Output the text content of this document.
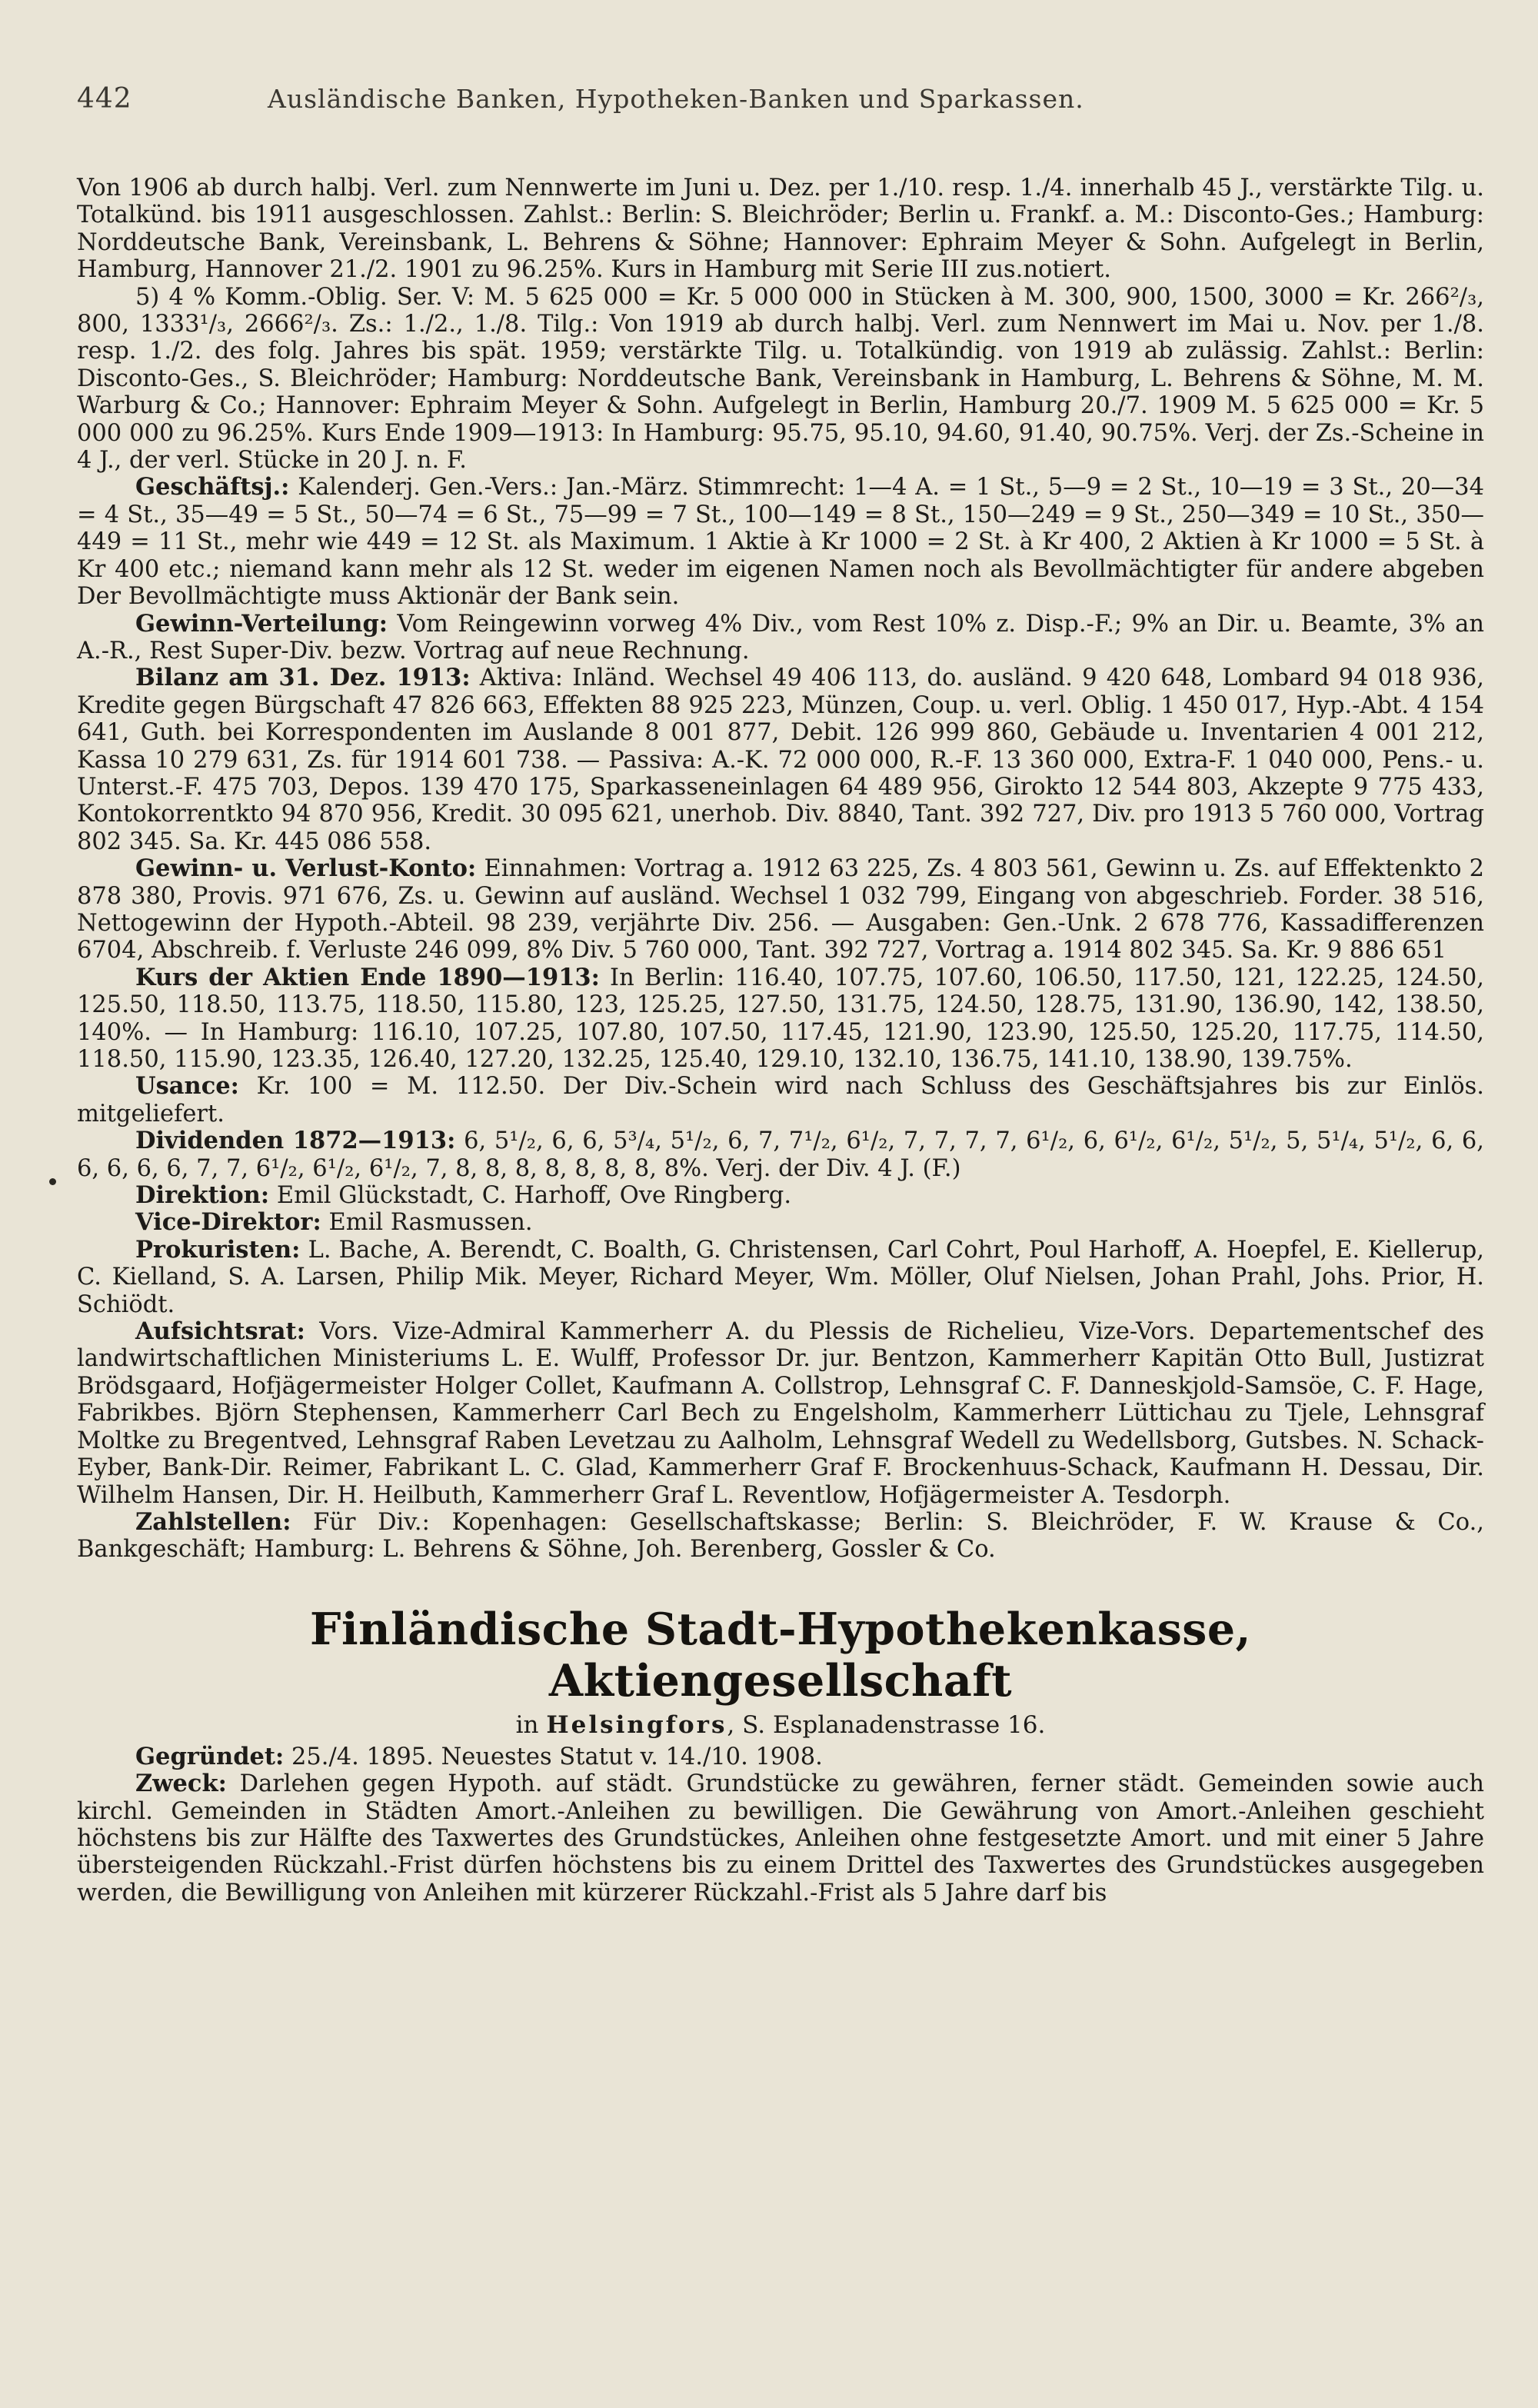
442	Ausländische Banken, Hypotheken-Banken und Sparkassen.

Von 1906 ab durch halbj. Verl. zum Nennwerte im Juni u. Dez. per 1./10. resp. 1./4. innerhalb 45 J., verstärkte Tilg. u. Totalkünd. bis 1911 ausgeschlossen. Zahlst.: Berlin: S. Bleichröder; Berlin u. Frankf. a. M.: Disconto-Ges.; Hamburg: Norddeutsche Bank, Vereinsbank, L. Behrens & Söhne; Hannover: Ephraim Meyer & Sohn. Aufgelegt in Berlin, Hamburg, Hannover 21./2. 1901 zu 96.25%. Kurs in Hamburg mit Serie III zus.notiert.

5) 4 % Komm.-Oblig. Ser. V: M. 5 625 000 = Kr. 5 000 000 in Stücken à M. 300, 900, 1500, 3000 = Kr. 266²/₃, 800, 1333¹/₃, 2666²/₃. Zs.: 1./2., 1./8. Tilg.: Von 1919 ab durch halbj. Verl. zum Nennwert im Mai u. Nov. per 1./8. resp. 1./2. des folg. Jahres bis spät. 1959; verstärkte Tilg. u. Totalkündig. von 1919 ab zulässig. Zahlst.: Berlin: Disconto-Ges., S. Bleichröder; Hamburg: Norddeutsche Bank, Vereinsbank in Hamburg, L. Behrens & Söhne, M. M. Warburg & Co.; Hannover: Ephraim Meyer & Sohn. Aufgelegt in Berlin, Hamburg 20./7. 1909 M. 5 625 000 = Kr. 5 000 000 zu 96.25%. Kurs Ende 1909—1913: In Hamburg: 95.75, 95.10, 94.60, 91.40, 90.75%. Verj. der Zs.-Scheine in 4 J., der verl. Stücke in 20 J. n. F.

Geschäftsj.: Kalenderj. Gen.-Vers.: Jan.-März. Stimmrecht: 1—4 A. = 1 St., 5—9 = 2 St., 10—19 = 3 St., 20—34 = 4 St., 35—49 = 5 St., 50—74 = 6 St., 75—99 = 7 St., 100—149 = 8 St., 150—249 = 9 St., 250—349 = 10 St., 350—449 = 11 St., mehr wie 449 = 12 St. als Maximum. 1 Aktie à Kr 1000 = 2 St. à Kr 400, 2 Aktien à Kr 1000 = 5 St. à Kr 400 etc.; niemand kann mehr als 12 St. weder im eigenen Namen noch als Bevollmächtigter für andere abgeben Der Bevollmächtigte muss Aktionär der Bank sein.

Gewinn-Verteilung: Vom Reingewinn vorweg 4% Div., vom Rest 10% z. Disp.-F.; 9% an Dir. u. Beamte, 3% an A.-R., Rest Super-Div. bezw. Vortrag auf neue Rechnung.

Bilanz am 31. Dez. 1913: Aktiva: Inländ. Wechsel 49 406 113, do. ausländ. 9 420 648, Lombard 94 018 936, Kredite gegen Bürgschaft 47 826 663, Effekten 88 925 223, Münzen, Coup. u. verl. Oblig. 1 450 017, Hyp.-Abt. 4 154 641, Guth. bei Korrespondenten im Auslande 8 001 877, Debit. 126 999 860, Gebäude u. Inventarien 4 001 212, Kassa 10 279 631, Zs. für 1914 601 738. — Passiva: A.-K. 72 000 000, R.-F. 13 360 000, Extra-F. 1 040 000, Pens.- u. Unterst.-F. 475 703, Depos. 139 470 175, Sparkasseneinlagen 64 489 956, Girokto 12 544 803, Akzepte 9 775 433, Kontokorrentkto 94 870 956, Kredit. 30 095 621, unerhob. Div. 8840, Tant. 392 727, Div. pro 1913 5 760 000, Vortrag 802 345. Sa. Kr. 445 086 558.

Gewinn- u. Verlust-Konto: Einnahmen: Vortrag a. 1912 63 225, Zs. 4 803 561, Gewinn u. Zs. auf Effektenkto 2 878 380, Provis. 971 676, Zs. u. Gewinn auf ausländ. Wechsel 1 032 799, Eingang von abgeschrieb. Forder. 38 516, Nettogewinn der Hypoth.-Abteil. 98 239, verjährte Div. 256. — Ausgaben: Gen.-Unk. 2 678 776, Kassadifferenzen 6704, Abschreib. f. Verluste 246 099, 8% Div. 5 760 000, Tant. 392 727, Vortrag a. 1914 802 345. Sa. Kr. 9 886 651

Kurs der Aktien Ende 1890—1913: In Berlin: 116.40, 107.75, 107.60, 106.50, 117.50, 121, 122.25, 124.50, 125.50, 118.50, 113.75, 118.50, 115.80, 123, 125.25, 127.50, 131.75, 124.50, 128.75, 131.90, 136.90, 142, 138.50, 140%. — In Hamburg: 116.10, 107.25, 107.80, 107.50, 117.45, 121.90, 123.90, 125.50, 125.20, 117.75, 114.50, 118.50, 115.90, 123.35, 126.40, 127.20, 132.25, 125.40, 129.10, 132.10, 136.75, 141.10, 138.90, 139.75%.

Usance: Kr. 100 = M. 112.50. Der Div.-Schein wird nach Schluss des Geschäftsjahres bis zur Einlös. mitgeliefert.

Dividenden 1872—1913: 6, 5¹/₂, 6, 6, 5³/₄, 5¹/₂, 6, 7, 7¹/₂, 6¹/₂, 7, 7, 7, 7, 6¹/₂, 6, 6¹/₂, 6¹/₂, 5¹/₂, 5, 5¹/₄, 5¹/₂, 6, 6, 6, 6, 6, 6, 7, 7, 6¹/₂, 6¹/₂, 6¹/₂, 7, 8, 8, 8, 8, 8, 8, 8, 8%. Verj. der Div. 4 J. (F.)

Direktion: Emil Glückstadt, C. Harhoff, Ove Ringberg.

Vice-Direktor: Emil Rasmussen.

Prokuristen: L. Bache, A. Berendt, C. Boalth, G. Christensen, Carl Cohrt, Poul Harhoff, A. Hoepfel, E. Kiellerup, C. Kielland, S. A. Larsen, Philip Mik. Meyer, Richard Meyer, Wm. Möller, Oluf Nielsen, Johan Prahl, Johs. Prior, H. Schiödt.

Aufsichtsrat: Vors. Vize-Admiral Kammerherr A. du Plessis de Richelieu, Vize-Vors. Departementschef des landwirtschaftlichen Ministeriums L. E. Wulff, Professor Dr. jur. Bentzon, Kammerherr Kapitän Otto Bull, Justizrat Brödsgaard, Hofjägermeister Holger Collet, Kaufmann A. Collstrop, Lehnsgraf C. F. Danneskjold-Samsöe, C. F. Hage, Fabrikbes. Björn Stephensen, Kammerherr Carl Bech zu Engelsholm, Kammerherr Lüttichau zu Tjele, Lehnsgraf Moltke zu Bregentved, Lehnsgraf Raben Levetzau zu Aalholm, Lehnsgraf Wedell zu Wedellsborg, Gutsbes. N. Schack-Eyber, Bank-Dir. Reimer, Fabrikant L. C. Glad, Kammerherr Graf F. Brockenhuus-Schack, Kaufmann H. Dessau, Dir. Wilhelm Hansen, Dir. H. Heilbuth, Kammerherr Graf L. Reventlow, Hofjägermeister A. Tesdorph.

Zahlstellen: Für Div.: Kopenhagen: Gesellschaftskasse; Berlin: S. Bleichröder, F. W. Krause & Co., Bankgeschäft; Hamburg: L. Behrens & Söhne, Joh. Berenberg, Gossler & Co.

Finländische Stadt-Hypothekenkasse, Aktiengesellschaft
in Helsingfors, S. Esplanadenstrasse 16.

Gegründet: 25./4. 1895. Neuestes Statut v. 14./10. 1908.

Zweck: Darlehen gegen Hypoth. auf städt. Grundstücke zu gewähren, ferner städt. Gemeinden sowie auch kirchl. Gemeinden in Städten Amort.-Anleihen zu bewilligen. Die Gewährung von Amort.-Anleihen geschieht höchstens bis zur Hälfte des Taxwertes des Grundstückes, Anleihen ohne festgesetzte Amort. und mit einer 5 Jahre übersteigenden Rückzahl.-Frist dürfen höchstens bis zu einem Drittel des Taxwertes des Grundstückes ausgegeben werden, die Bewilligung von Anleihen mit kürzerer Rückzahl.-Frist als 5 Jahre darf bis
